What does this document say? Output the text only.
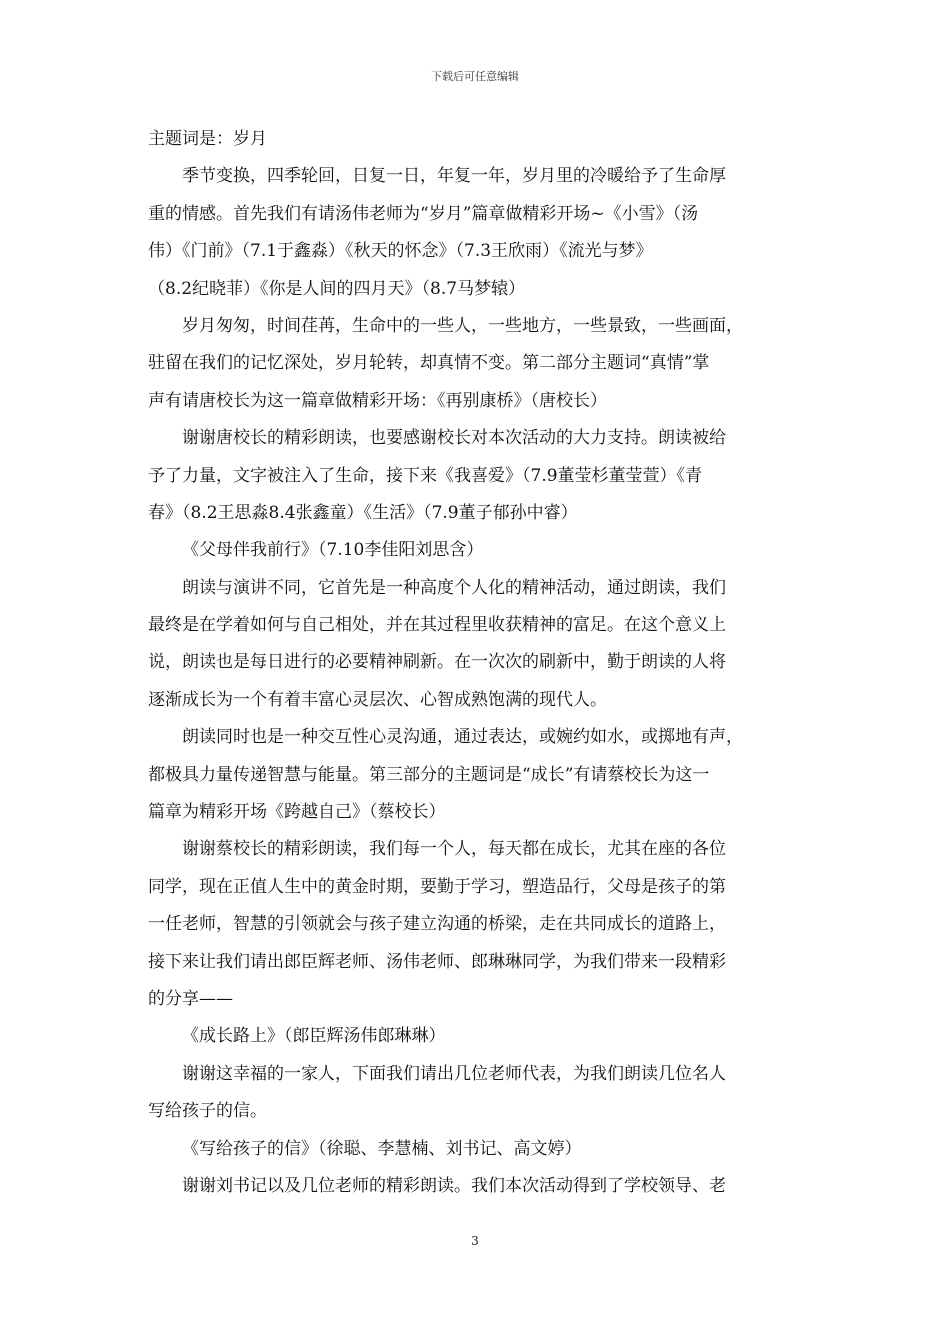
下载后可任意编辑
主题词是：岁月
季节变换，四季轮回，日复一日，年复一年，岁月里的冷暖给予了生命厚
重的情感。首先我们有请汤伟老师为“岁月”篇章做精彩开场~《小雪》（汤
伟）《门前》（7.1于鑫淼）《秋天的怀念》（7.3王欣雨）《流光与梦》
（8.2纪晓菲）《你是人间的四月天》（8.7马梦辕）
岁月匆匆，时间荏苒，生命中的一些人，一些地方，一些景致，一些画面，
驻留在我们的记忆深处，岁月轮转，却真情不变。第二部分主题词“真情”掌
声有请唐校长为这一篇章做精彩开场：《再别康桥》（唐校长）
谢谢唐校长的精彩朗读，也要感谢校长对本次活动的大力支持。朗读被给
予了力量，文字被注入了生命，接下来《我喜爱》（7.9董莹杉董莹萱）《青
春》（8.2王思淼8.4张鑫童）《生活》（7.9董子郁孙中睿）
《父母伴我前行》（7.10李佳阳刘思含）
朗读与演讲不同，它首先是一种高度个人化的精神活动，通过朗读，我们
最终是在学着如何与自己相处，并在其过程里收获精神的富足。在这个意义上
说，朗读也是每日进行的必要精神刷新。在一次次的刷新中，勤于朗读的人将
逐渐成长为一个有着丰富心灵层次、心智成熟饱满的现代人。
朗读同时也是一种交互性心灵沟通，通过表达，或婉约如水，或掷地有声，
都极具力量传递智慧与能量。第三部分的主题词是“成长”有请蔡校长为这一
篇章为精彩开场《跨越自己》（蔡校长）
谢谢蔡校长的精彩朗读，我们每一个人，每天都在成长，尤其在座的各位
同学，现在正值人生中的黄金时期，要勤于学习，塑造品行，父母是孩子的第
一任老师，智慧的引领就会与孩子建立沟通的桥梁，走在共同成长的道路上，
接下来让我们请出郎臣辉老师、汤伟老师、郎琳琳同学，为我们带来一段精彩
的分享——
《成长路上》（郎臣辉汤伟郎琳琳）
谢谢这幸福的一家人，下面我们请出几位老师代表，为我们朗读几位名人
写给孩子的信。
《写给孩子的信》（徐聪、李慧楠、刘书记、高文婷）
谢谢刘书记以及几位老师的精彩朗读。我们本次活动得到了学校领导、老
3
